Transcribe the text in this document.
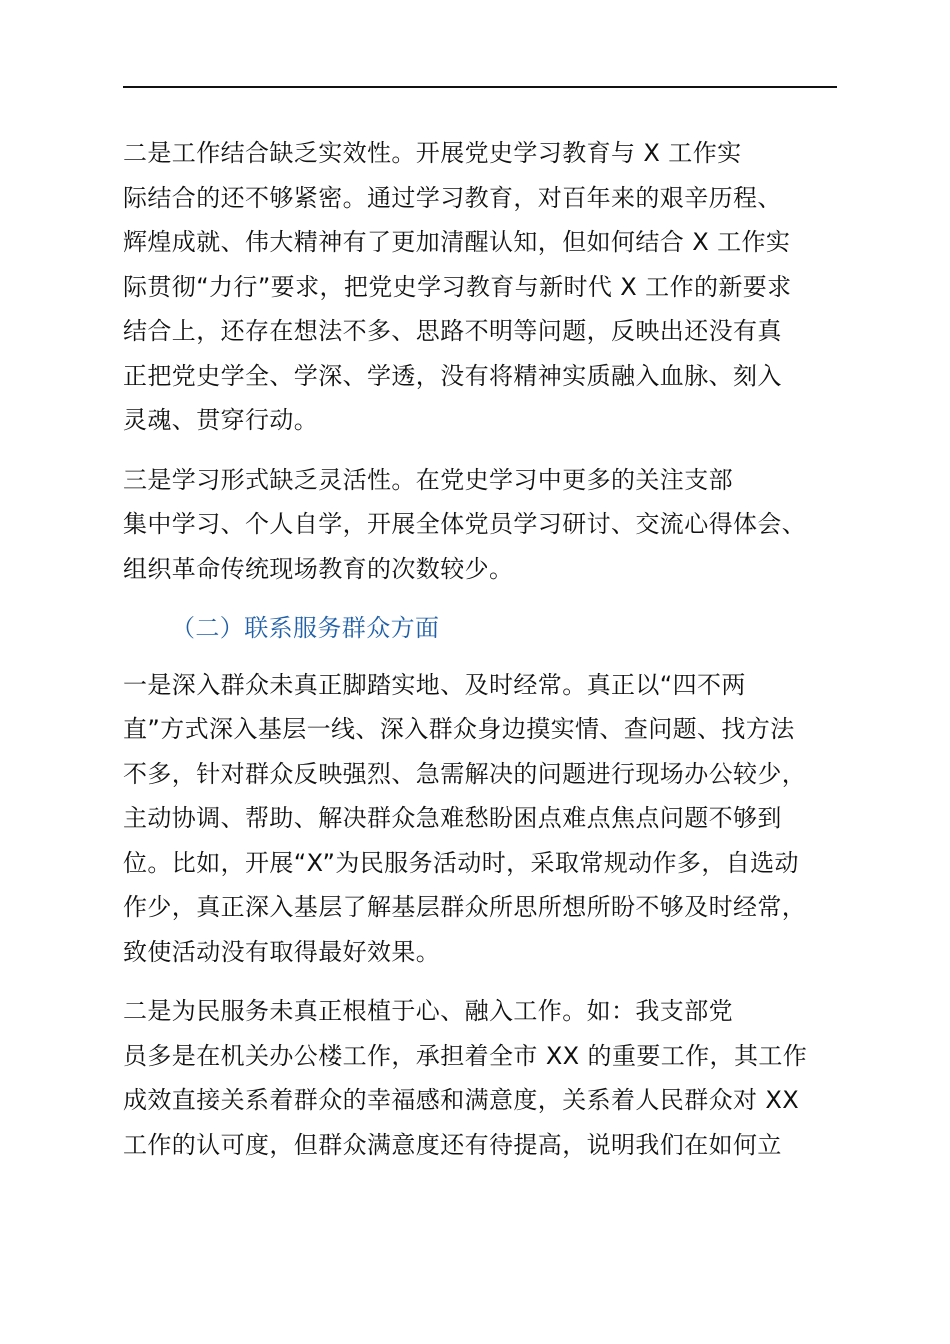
二是工作结合缺乏实效性。开展党史学习教育与 X 工作实
际结合的还不够紧密。通过学习教育，对百年来的艰辛历程、
辉煌成就、伟大精神有了更加清醒认知，但如何结合 X 工作实
际贯彻“力行”要求，把党史学习教育与新时代 X 工作的新要求
结合上，还存在想法不多、思路不明等问题，反映出还没有真
正把党史学全、学深、学透，没有将精神实质融入血脉、刻入
灵魂、贯穿行动。

三是学习形式缺乏灵活性。在党史学习中更多的关注支部
集中学习、个人自学，开展全体党员学习研讨、交流心得体会、
组织革命传统现场教育的次数较少。

（二）联系服务群众方面

一是深入群众未真正脚踏实地、及时经常。真正以“四不两
直”方式深入基层一线、深入群众身边摸实情、查问题、找方法
不多，针对群众反映强烈、急需解决的问题进行现场办公较少，
主动协调、帮助、解决群众急难愁盼困点难点焦点问题不够到
位。比如，开展“X”为民服务活动时，采取常规动作多，自选动
作少，真正深入基层了解基层群众所思所想所盼不够及时经常，
致使活动没有取得最好效果。

二是为民服务未真正根植于心、融入工作。如：我支部党
员多是在机关办公楼工作，承担着全市 XX 的重要工作，其工作
成效直接关系着群众的幸福感和满意度，关系着人民群众对 XX
工作的认可度，但群众满意度还有待提高，说明我们在如何立
